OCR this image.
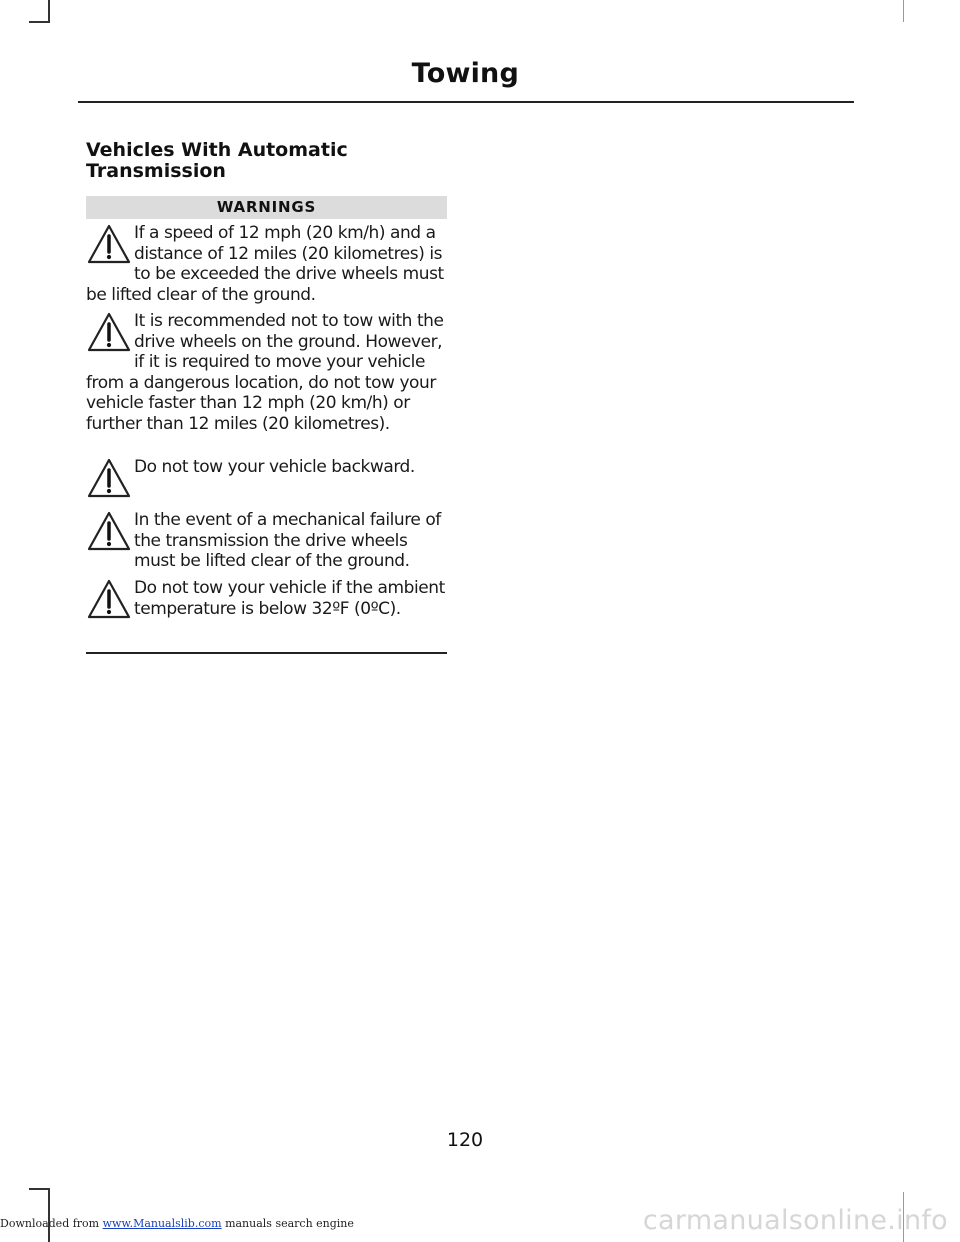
Towing
Vehicles With Automatic Transmission
WARNINGS
If a speed of 12 mph (20 km/h) and a distance of 12 miles (20 kilometres) is to be exceeded the drive wheels must be lifted clear of the ground.
It is recommended not to tow with the drive wheels on the ground. However, if it is required to move your vehicle from a dangerous location, do not tow your vehicle faster than 12 mph (20 km/h) or further than 12 miles (20 kilometres).
Do not tow your vehicle backward.
In the event of a mechanical failure of the transmission the drive wheels must be lifted clear of the ground.
Do not tow your vehicle if the ambient temperature is below 32ºF (0ºC).
120
Downloaded from www.Manualslib.com manuals search engine	carmanualsonline.info
